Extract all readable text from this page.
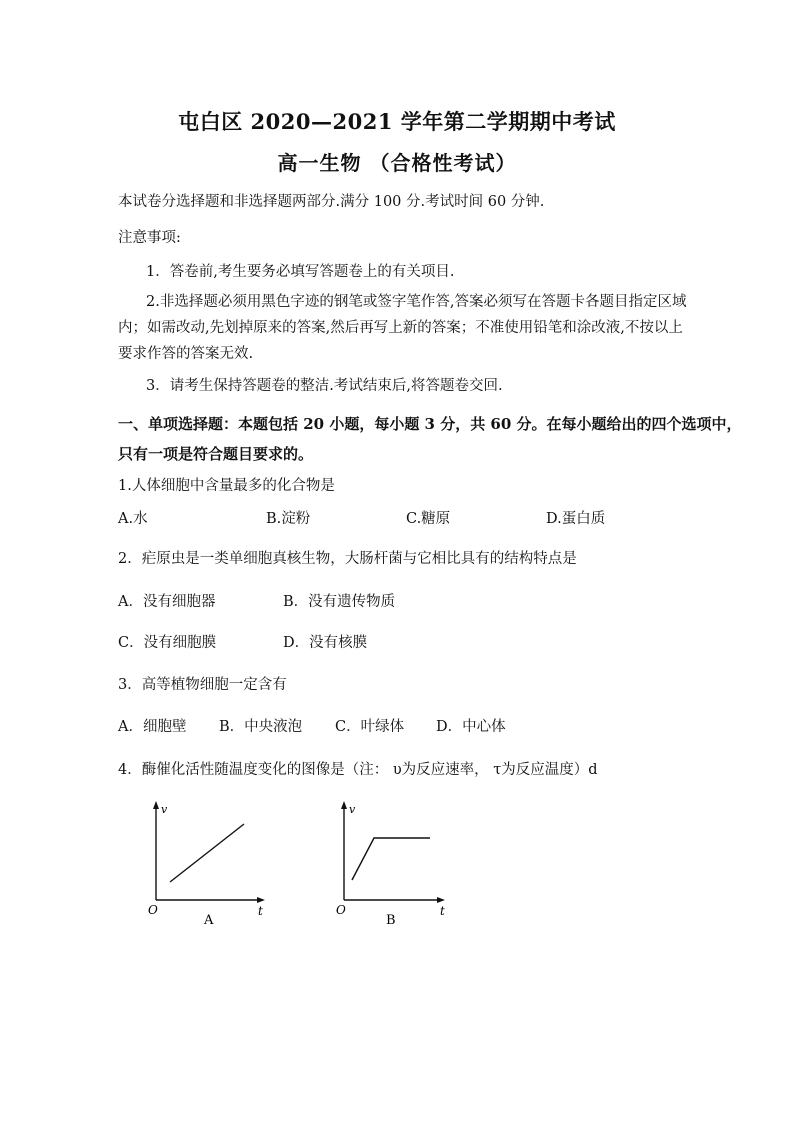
屯白区 2020—2021 学年第二学期期中考试
高一生物 （合格性考试）
本试卷分选择题和非选择题两部分.满分 100 分.考试时间 60 分钟.
注意事项:
1．答卷前,考生要务必填写答题卷上的有关项目.
2.非选择题必须用黑色字迹的钢笔或签字笔作答,答案必须写在答题卡各题目指定区域
内；如需改动,先划掉原来的答案,然后再写上新的答案；不准使用铅笔和涂改液,不按以上
要求作答的答案无效.
3．请考生保持答题卷的整洁.考试结束后,将答题卷交回.
一、单项选择题：本题包括 20 小题，每小题 3 分，共 60 分。在每小题给出的四个选项中，
只有一项是符合题目要求的。
1.人体细胞中含量最多的化合物是
A.水	B.淀粉	C.糖原	D.蛋白质
2．疟原虫是一类单细胞真核生物，大肠杆菌与它相比具有的结构特点是
A．没有细胞器	B．没有遗传物质
C．没有细胞膜	D．没有核膜
3．高等植物细胞一定含有
A．细胞壁 B．中央液泡 C．叶绿体 D．中心体
4．酶催化活性随温度变化的图像是（注： υ为反应速率， τ为反应温度）d
v
t
O
A
v
t
O
B
